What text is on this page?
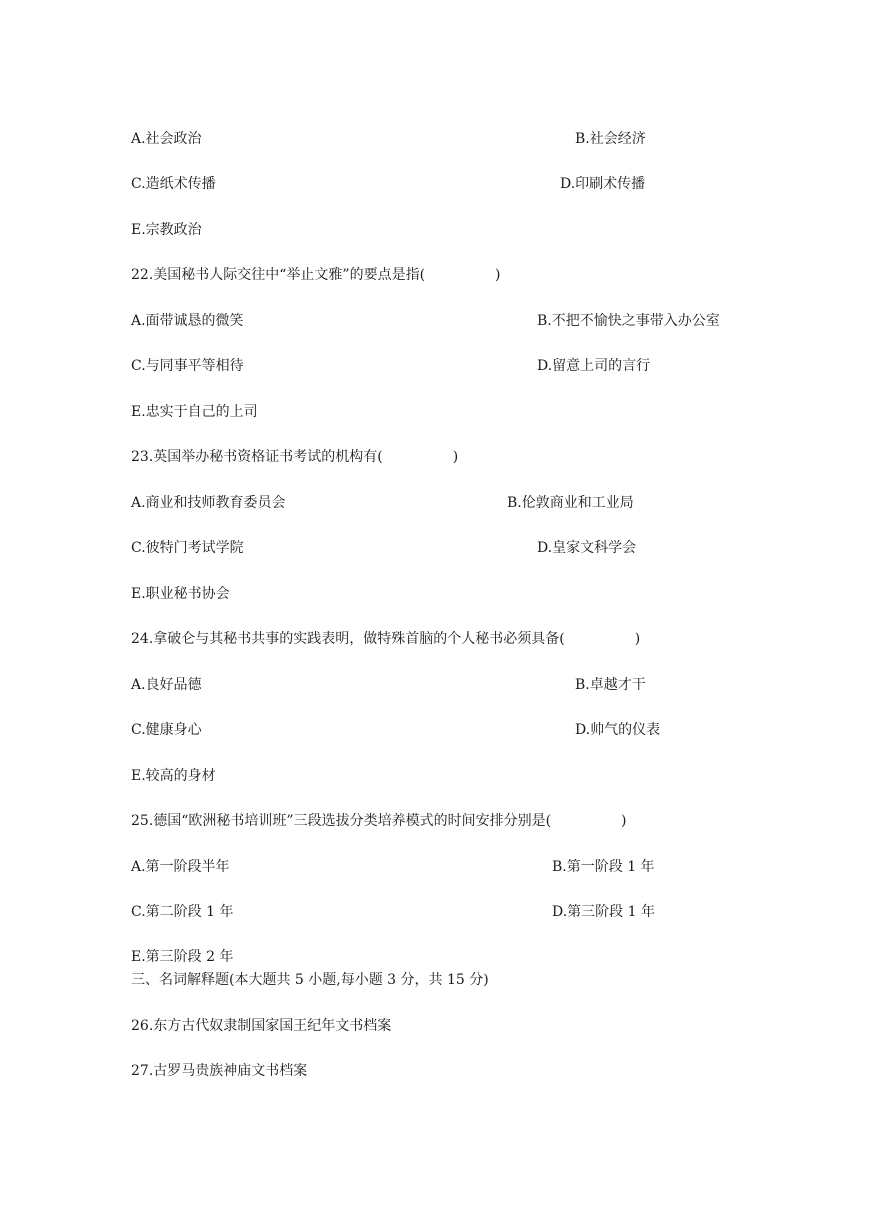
A.社会政治	B.社会经济
C.造纸术传播	D.印刷术传播
E.宗教政治
22.美国秘书人际交往中“举止文雅”的要点是指(　　　　　)
A.面带诚恳的微笑	B.不把不愉快之事带入办公室
C.与同事平等相待	D.留意上司的言行
E.忠实于自己的上司
23.英国举办秘书资格证书考试的机构有(　　　　　)
A.商业和技师教育委员会	B.伦敦商业和工业局
C.彼特门考试学院	D.皇家文科学会
E.职业秘书协会
24.拿破仑与其秘书共事的实践表明，做特殊首脑的个人秘书必须具备(　　　　　)
A.良好品德	B.卓越才干
C.健康身心	D.帅气的仪表
E.较高的身材
25.德国“欧洲秘书培训班”三段选拔分类培养模式的时间安排分别是(　　　　　)
A.第一阶段半年	B.第一阶段 1 年
C.第二阶段 1 年	D.第三阶段 1 年
E.第三阶段 2 年
三、名词解释题(本大题共 5 小题,每小题 3 分，共 15 分)
26.东方古代奴隶制国家国王纪年文书档案
27.古罗马贵族神庙文书档案
